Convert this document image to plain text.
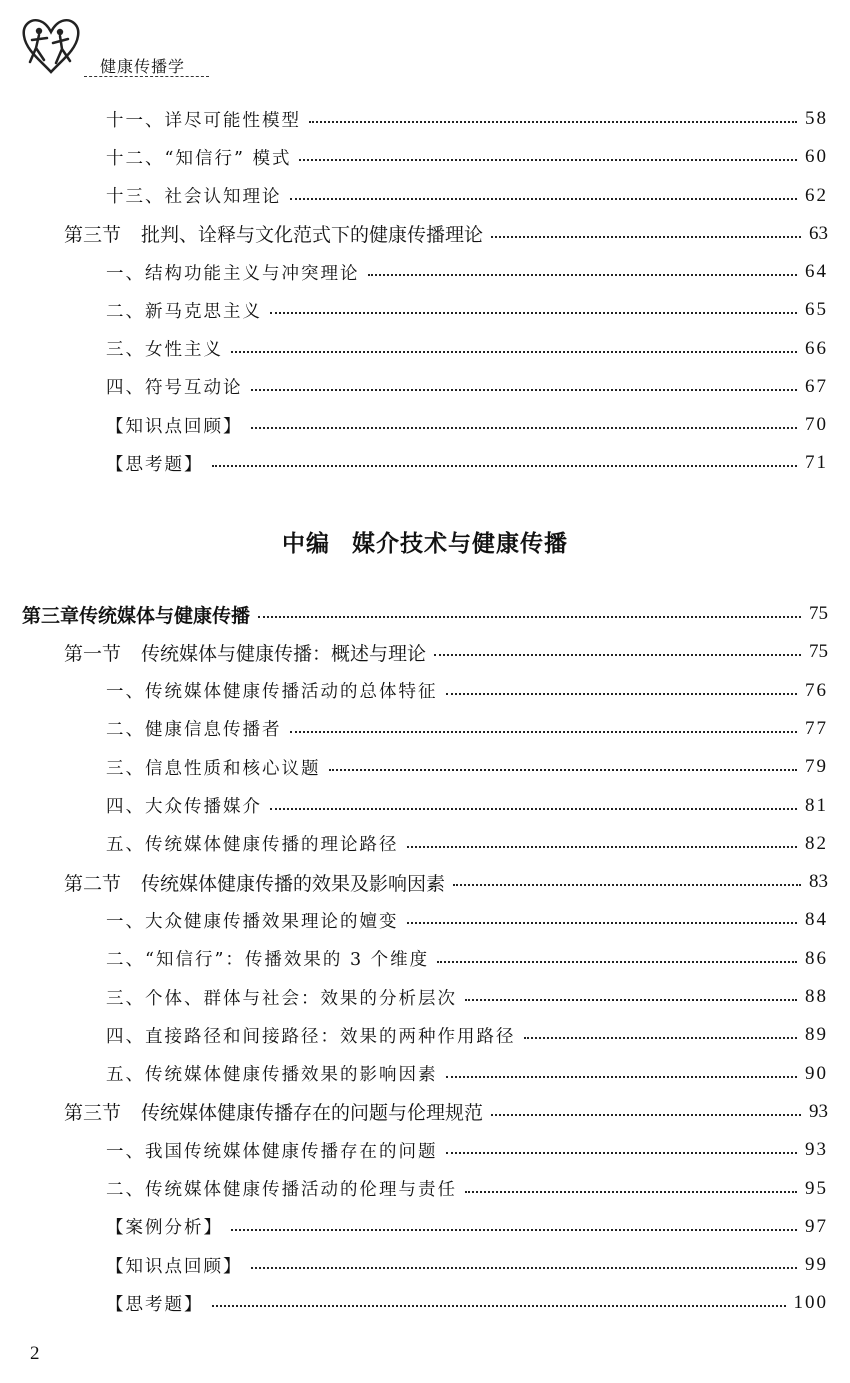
健康传播学
十一、详尽可能性模型	58
十二、“知信行” 模式	60
十三、社会认知理论	62
第三节 批判、诠释与文化范式下的健康传播理论	63
一、结构功能主义与冲突理论	64
二、新马克思主义	65
三、女性主义	66
四、符号互动论	67
【知识点回顾】	70
【思考题】	71
第三章传统媒体与健康传播	75
第一节 传统媒体与健康传播：概述与理论	75
一、传统媒体健康传播活动的总体特征	76
二、健康信息传播者	77
三、信息性质和核心议题	79
四、大众传播媒介	81
五、传统媒体健康传播的理论路径	82
第二节 传统媒体健康传播的效果及影响因素	83
一、大众健康传播效果理论的嬗变	84
二、“知信行”：传播效果的 3 个维度	86
三、个体、群体与社会：效果的分析层次	88
四、直接路径和间接路径：效果的两种作用路径	89
五、传统媒体健康传播效果的影响因素	90
第三节 传统媒体健康传播存在的问题与伦理规范	93
一、我国传统媒体健康传播存在的问题	93
二、传统媒体健康传播活动的伦理与责任	95
【案例分析】	97
【知识点回顾】	99
【思考题】	100
中编 媒介技术与健康传播
2
